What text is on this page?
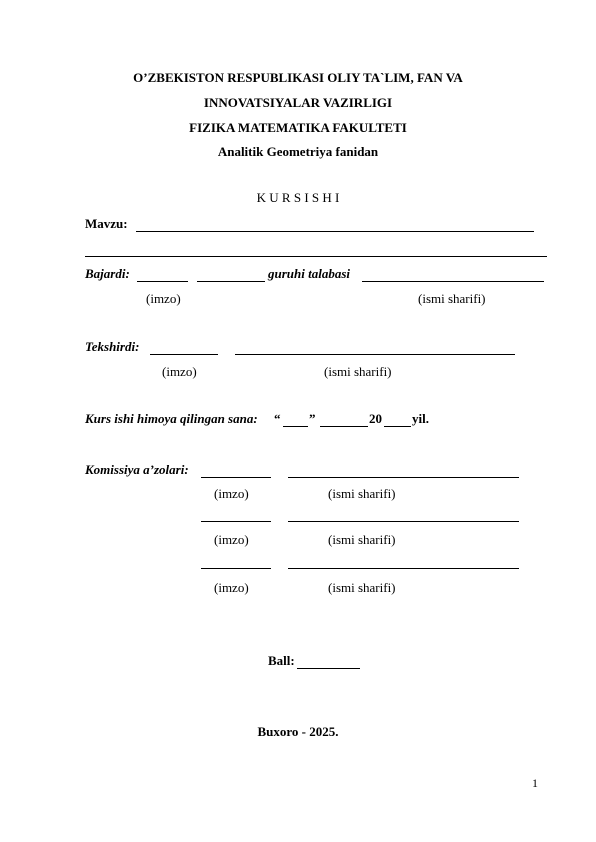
O’ZBEKISTON RESPUBLIKASI OLIY TA`LIM, FAN VA
INNOVATSIYALAR VAZIRLIGI
FIZIKA MATEMATIKA FAKULTETI
Analitik Geometriya fanidan
K U R S I S H I
Mavzu:
Bajardi:	guruhi talabasi
(imzo)	(ismi sharifi)
Tekshirdi:
(imzo)	(ismi sharifi)
Kurs ishi himoya qilingan sana: “ ”	20 yil.
Komissiya a’zolari:
(imzo)	(ismi sharifi)
(imzo)	(ismi sharifi)
(imzo)	(ismi sharifi)
Ball:
Buxoro - 2025.
1
